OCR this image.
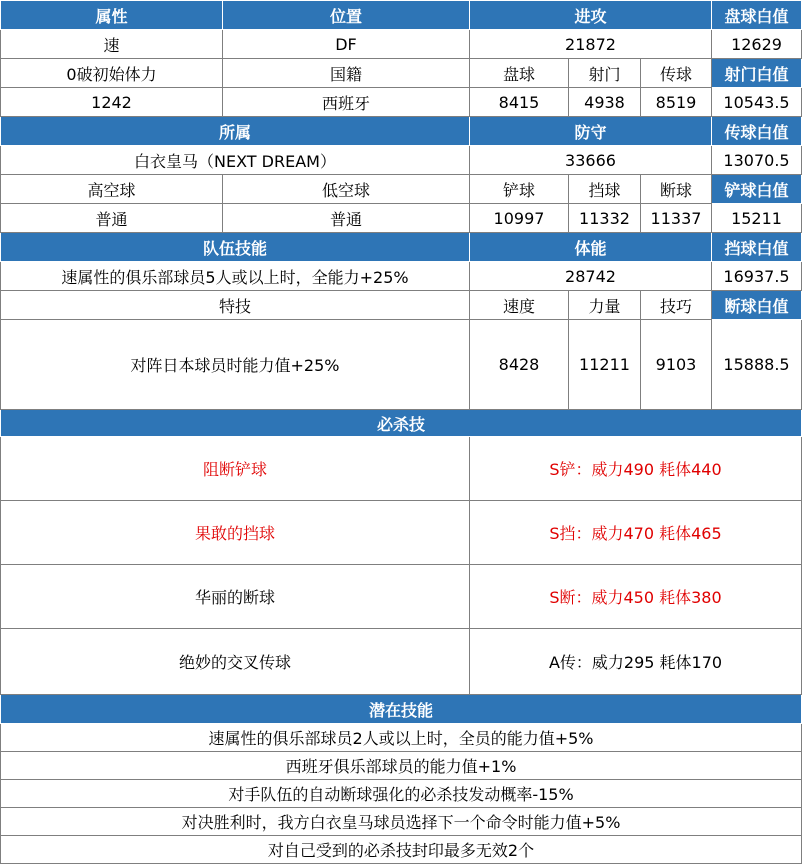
属性	位置	进攻			盘球白值
速	DF	21872			12629
0破初始体力	国籍	盘球	射门	传球	射门白值
1242	西班牙	8415	4938	8519	10543.5
所属		防守			传球白值
白衣皇马（NEXT DREAM）		33666			13070.5
高空球	低空球	铲球	挡球	断球	铲球白值
普通	普通	10997	11332	11337	15211
队伍技能		体能			挡球白值
速属性的俱乐部球员5人或以上时，全能力+25%		28742			16937.5
特技		速度	力量	技巧	断球白值
对阵日本球员时能力值+25%		8428	11211	9103	15888.5
必杀技					
阻断铲球		S铲：威力490 耗体440			
果敢的挡球		S挡：威力470 耗体465			
华丽的断球		S断：威力450 耗体380			
绝妙的交叉传球		A传：威力295 耗体170			
潜在技能					
速属性的俱乐部球员2人或以上时，全员的能力值+5%					
西班牙俱乐部球员的能力值+1%					
对手队伍的自动断球强化的必杀技发动概率-15%					
对决胜利时，我方白衣皇马球员选择下一个命令时能力值+5%					
对自己受到的必杀技封印最多无效2个					
